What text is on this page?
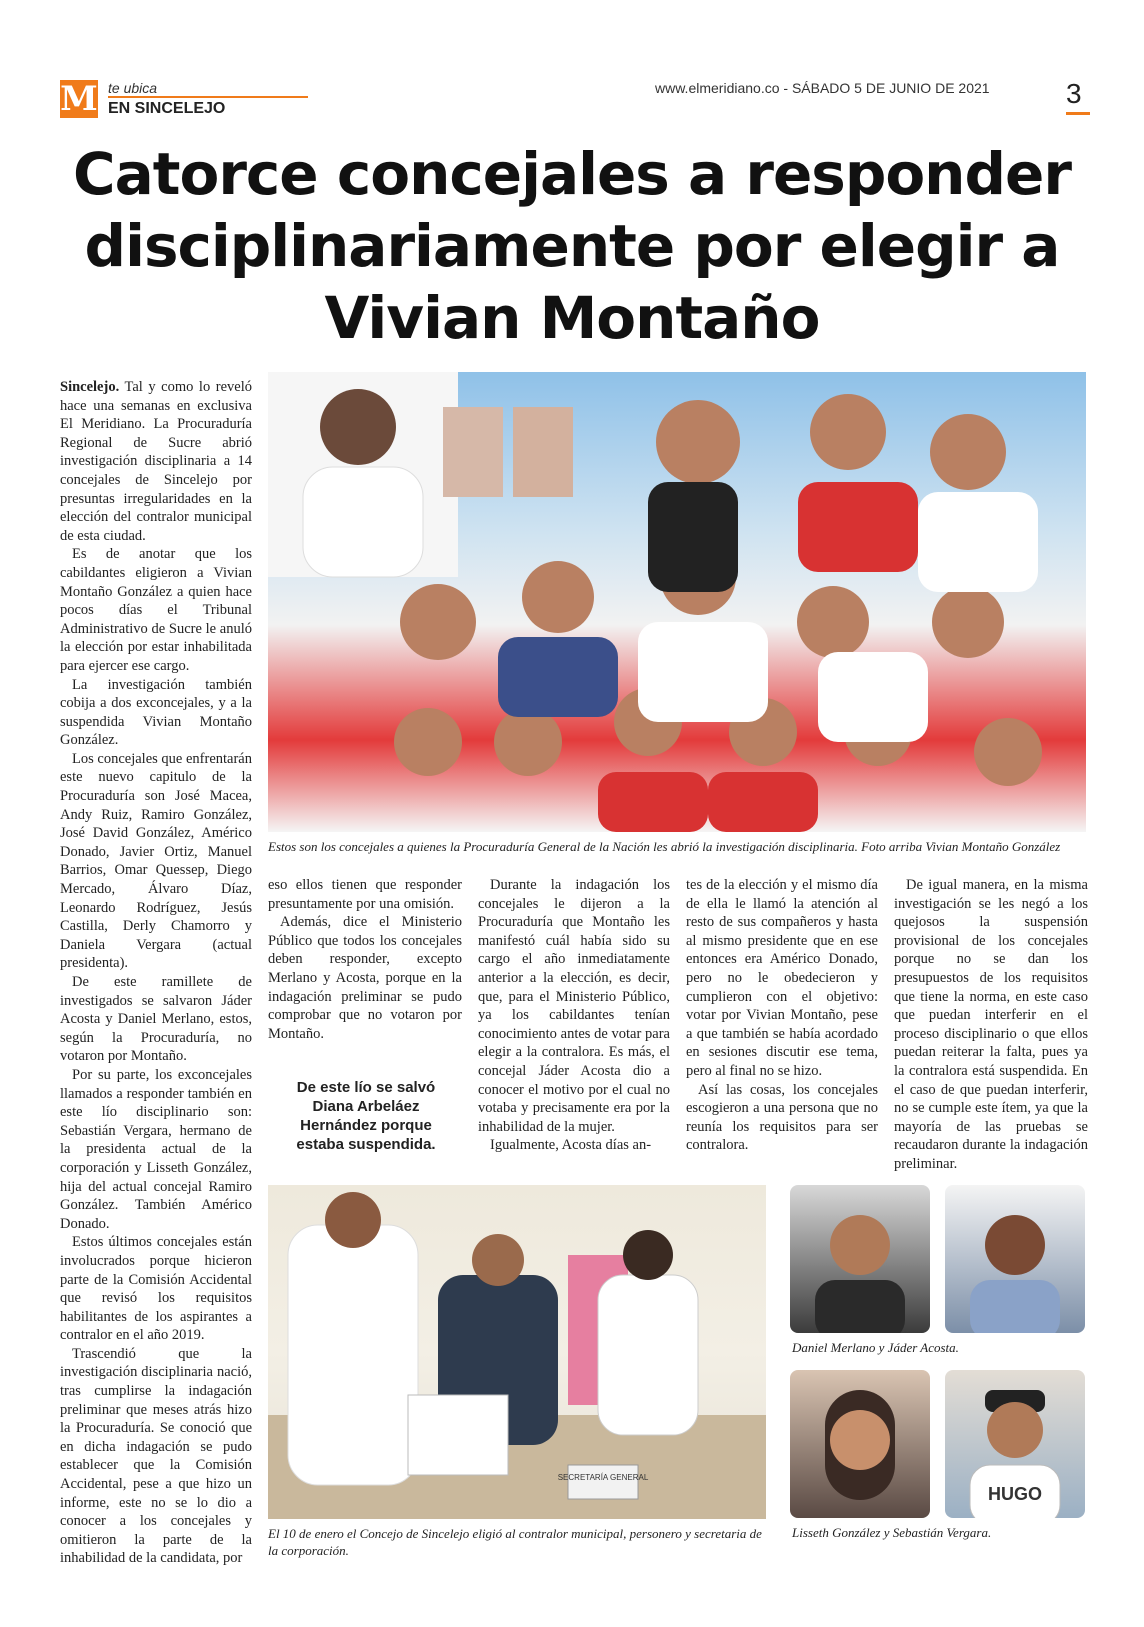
M te ubica
EN SINCELEJO
www.elmeridiano.co - SÁBADO 5 DE JUNIO DE 2021	3
Catorce concejales a responder disciplinariamente por elegir a Vivian Montaño

Sincelejo. Tal y como lo reveló hace una semanas en exclusiva El Meridiano. La Procuraduría Regional de Sucre abrió investigación disciplinaria a 14 concejales de Sincelejo por presuntas irregularidades en la elección del contralor municipal de esta ciudad.

Es de anotar que los cabildantes eligieron a Vivian Montaño González a quien hace pocos días el Tribunal Administrativo de Sucre le anuló la elección por estar inhabilitada para ejercer ese cargo.

La investigación también cobija a dos exconcejales, y a la suspendida Vivian Montaño González.

Los concejales que enfrentarán este nuevo capitulo de la Procuraduría son José Macea, Andy Ruiz, Ramiro González, José David González, Américo Donado, Javier Ortiz, Manuel Barrios, Omar Quessep, Diego Mercado, Álvaro Díaz, Leonardo Rodríguez, Jesús Castilla, Derly Chamorro y Daniela Vergara (actual presidenta).

De este ramillete de investigados se salvaron Jáder Acosta y Daniel Merlano, estos, según la Procuraduría, no votaron por Montaño.

Por su parte, los exconcejales llamados a responder también en este lío disciplinario son: Sebastián Vergara, hermano de la presidenta actual de la corporación y Lisseth González, hija del actual concejal Ramiro González. También Américo Donado.

Estos últimos concejales están involucrados porque hicieron parte de la Comisión Accidental que revisó los requisitos habilitantes de los aspirantes a contralor en el año 2019.

Trascendió que la investigación disciplinaria nació, tras cumplirse la indagación preliminar que meses atrás hizo la Procuraduría. Se conoció que en dicha indagación se pudo establecer que la Comisión Accidental, pese a que hizo un informe, este no se lo dio a conocer a los concejales y omitieron la parte de la inhabilidad de la candidata, por

Estos son los concejales a quienes la Procuraduría General de la Nación les abrió la investigación disciplinaria. Foto arriba Vivian Montaño González

eso ellos tienen que responder presuntamente por una omisión.

Además, dice el Ministerio Público que todos los concejales deben responder, excepto Merlano y Acosta, porque en la indagación preliminar se pudo comprobar que no votaron por Montaño.

De este lío se salvó Diana Arbeláez Hernández porque estaba suspendida.

Durante la indagación los concejales le dijeron a la Procuraduría que Montaño les manifestó cuál había sido su cargo el año inmediatamente anterior a la elección, es decir, que, para el Ministerio Público, ya los cabildantes tenían conocimiento antes de votar para elegir a la contralora. Es más, el concejal Jáder Acosta dio a conocer el motivo por el cual no votaba y precisamente era por la inhabilidad de la mujer.

Igualmente, Acosta días an-

tes de la elección y el mismo día de ella le llamó la atención al resto de sus compañeros y hasta al mismo presidente que en ese entonces era Américo Donado, pero no le obedecieron y cumplieron con el objetivo: votar por Vivian Montaño, pese a que también se había acordado en sesiones discutir ese tema, pero al final no se hizo.

Así las cosas, los concejales escogieron a una persona que no reunía los requisitos para ser contralora.

De igual manera, en la misma investigación se les negó a los quejosos la suspensión provisional de los concejales porque no se dan los presupuestos de los requisitos que tiene la norma, en este caso que puedan interferir en el proceso disciplinario o que ellos puedan reiterar la falta, pues ya la contralora está suspendida. En el caso de que puedan interferir, no se cumple este ítem, ya que la mayoría de las pruebas se recaudaron durante la indagación preliminar.

SECRETARÍA GENERAL
El 10 de enero el Concejo de Sincelejo eligió al contralor municipal, personero y secretaria de la corporación.
Daniel Merlano y Jáder Acosta.
HUGO
Lisseth González y Sebastián Vergara.
